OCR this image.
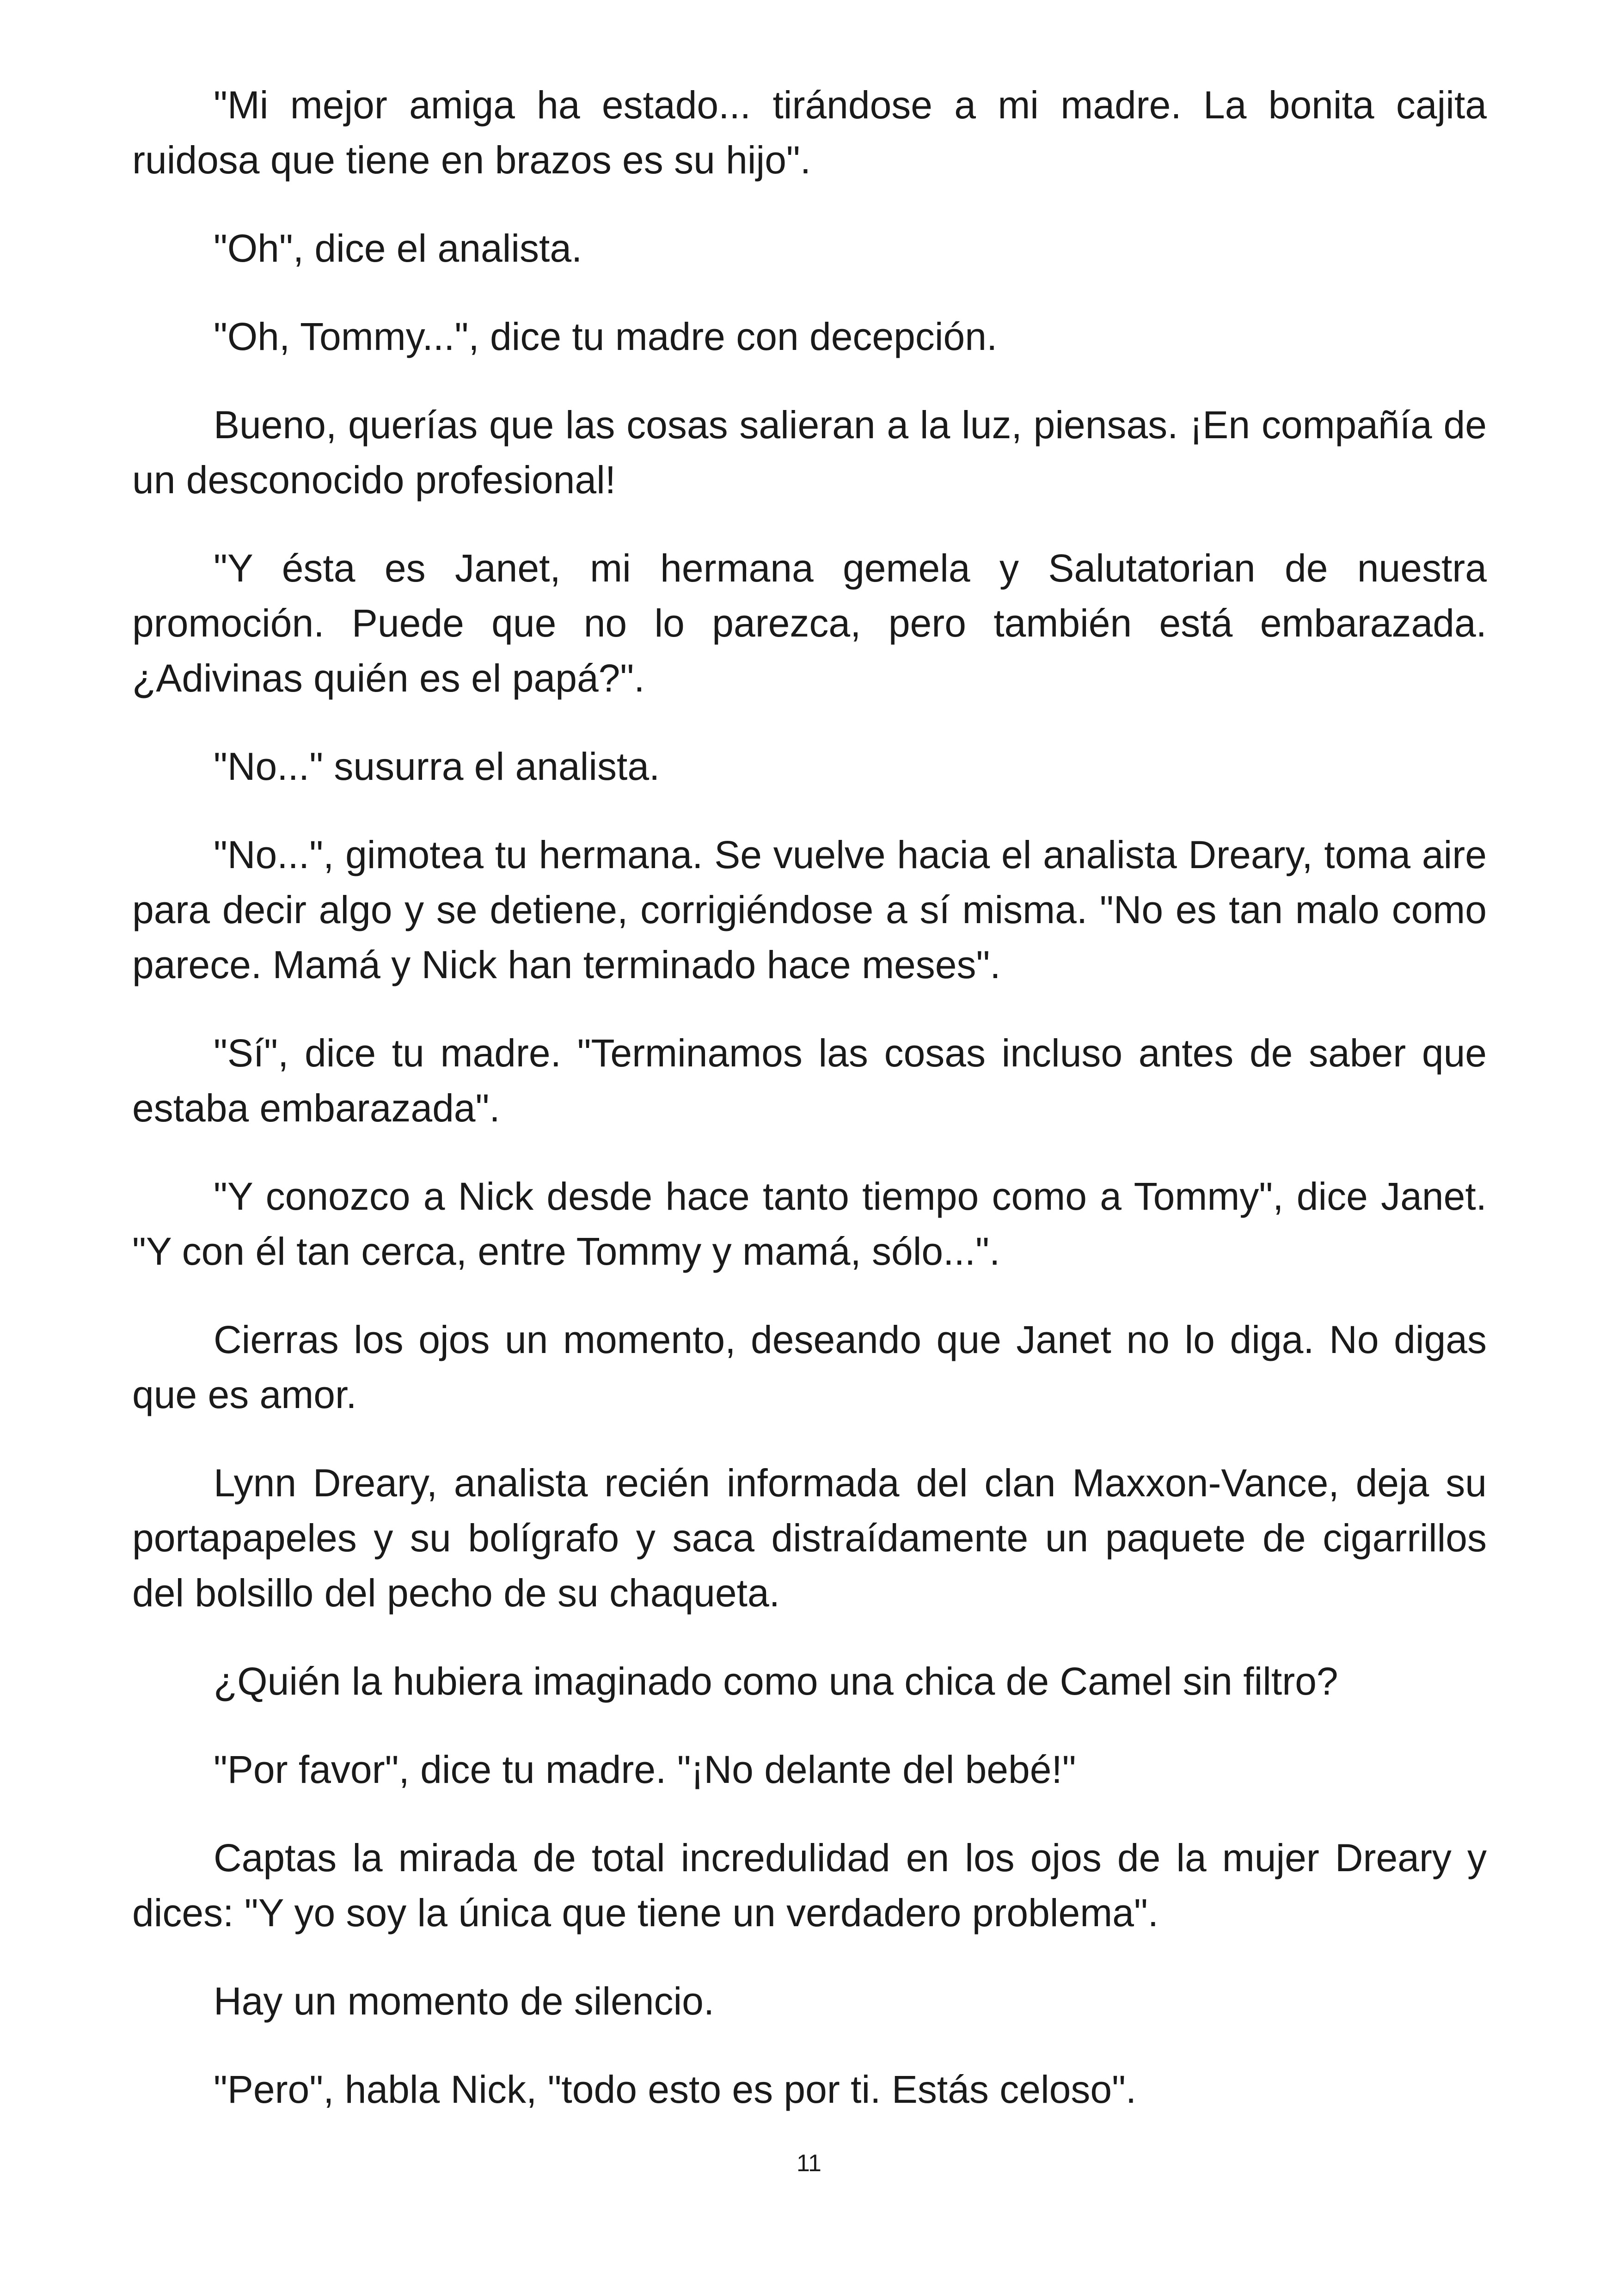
"Mi mejor amiga ha estado... tirándose a mi madre. La bonita cajita ruidosa que tiene en brazos es su hijo".

"Oh", dice el analista.

"Oh, Tommy...", dice tu madre con decepción.

Bueno, querías que las cosas salieran a la luz, piensas. ¡En compañía de un desconocido profesional!

"Y ésta es Janet, mi hermana gemela y Salutatorian de nuestra promoción. Puede que no lo parezca, pero también está embarazada. ¿Adivinas quién es el papá?".

"No..." susurra el analista.

"No...", gimotea tu hermana. Se vuelve hacia el analista Dreary, toma aire para decir algo y se detiene, corrigiéndose a sí misma. "No es tan malo como parece. Mamá y Nick han terminado hace meses".

"Sí", dice tu madre. "Terminamos las cosas incluso antes de saber que estaba embarazada".

"Y conozco a Nick desde hace tanto tiempo como a Tommy", dice Janet. "Y con él tan cerca, entre Tommy y mamá, sólo...".

Cierras los ojos un momento, deseando que Janet no lo diga. No digas que es amor.

Lynn Dreary, analista recién informada del clan Maxxon-Vance, deja su portapapeles y su bolígrafo y saca distraídamente un paquete de cigarrillos del bolsillo del pecho de su chaqueta.

¿Quién la hubiera imaginado como una chica de Camel sin filtro?

"Por favor", dice tu madre. "¡No delante del bebé!"

Captas la mirada de total incredulidad en los ojos de la mujer Dreary y dices: "Y yo soy la única que tiene un verdadero problema".

Hay un momento de silencio.

"Pero", habla Nick, "todo esto es por ti. Estás celoso".

11
